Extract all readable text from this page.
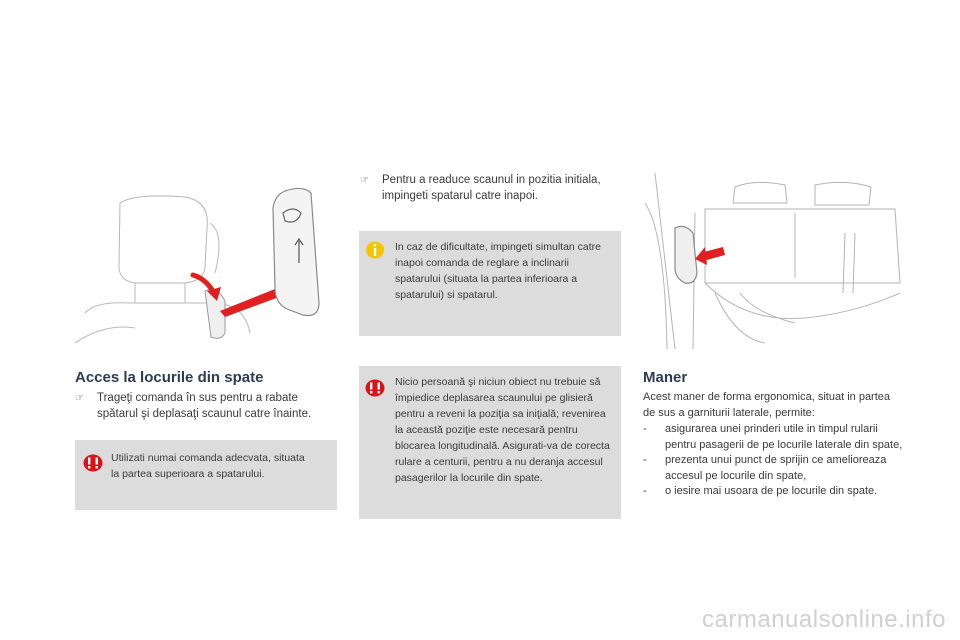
Acces la locurile din spate
☞	Trageţi comanda în sus pentru a rabate spătarul şi deplasaţi scaunul catre înainte.
Utilizati numai comanda adecvata, situata la partea superioara a spatarului.
☞	Pentru a readuce scaunul in pozitia initiala, impingeti spatarul catre inapoi.
In caz de dificultate, impingeti simultan catre inapoi comanda de reglare a inclinarii spatarului (situata la partea inferioara a spatarului) si spatarul.
Nicio persoană şi niciun obiect nu trebuie să împiedice deplasarea scaunului pe glisieră pentru a reveni la poziţia sa iniţială; revenirea la această poziţie este necesară pentru blocarea longitudinală. Asigurati-va de corecta rulare a centurii, pentru a nu deranja accesul pasagerilor la locurile din spate.
Maner
Acest maner de forma ergonomica, situat in partea de sus a garniturii laterale, permite:
-	asigurarea unei prinderi utile in timpul rularii pentru pasagerii de pe locurile laterale din spate,
-	prezenta unui punct de sprijin ce amelioreaza accesul pe locurile din spate,
-	o iesire mai usoara de pe locurile din spate.
carmanualsonline.info
